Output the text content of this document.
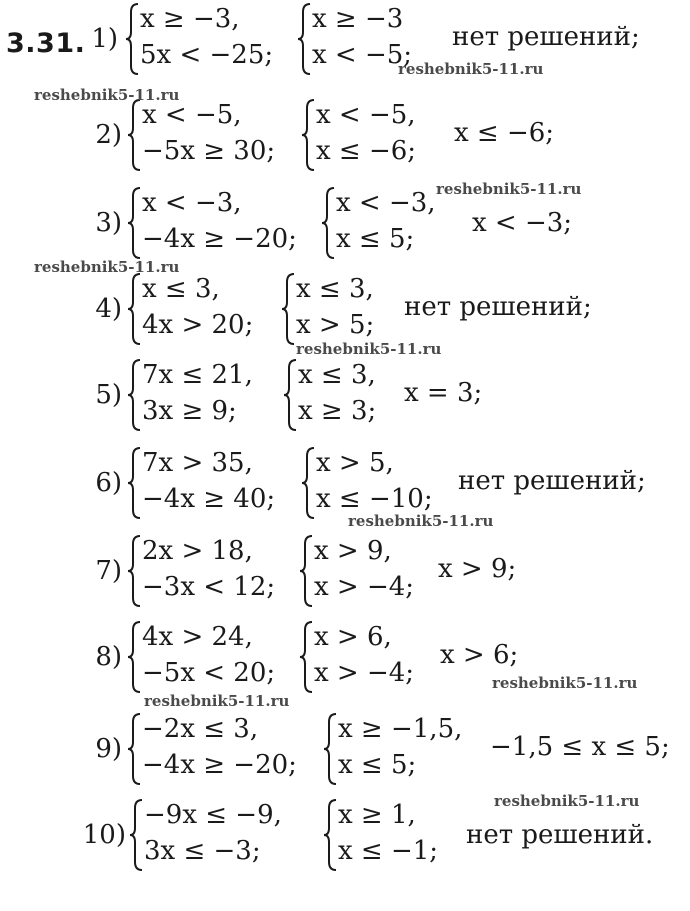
3.31. 1)
x ≥ −3,
5x < −25;
x ≥ −3
x < −5;
нет решений;
2)
x < −5,
−5x ≥ 30;
x < −5,
x ≤ −6;
x ≤ −6;
3)
x < −3,
−4x ≥ −20;
x < −3,
x ≤ 5;
x < −3;
4)
x ≤ 3,
4x > 20;
x ≤ 3,
x > 5;
нет решений;
5)
7x ≤ 21,
3x ≥ 9;
x ≤ 3,
x ≥ 3;
x = 3;
6)
7x > 35,
−4x ≥ 40;
x > 5,
x ≤ −10;
нет решений;
7)
2x > 18,
−3x < 12;
x > 9,
x > −4;
x > 9;
8)
4x > 24,
−5x < 20;
x > 6,
x > −4;
x > 6;
9)
−2x ≤ 3,
−4x ≥ −20;
x ≥ −1,5,
x ≤ 5;
−1,5 ≤ x ≤ 5;
10)
−9x ≤ −9,
3x ≤ −3;
x ≥ 1,
x ≤ −1;
нет решений.
reshebnik5-11.ru
reshebnik5-11.ru
reshebnik5-11.ru
reshebnik5-11.ru
reshebnik5-11.ru
reshebnik5-11.ru
reshebnik5-11.ru
reshebnik5-11.ru
reshebnik5-11.ru
